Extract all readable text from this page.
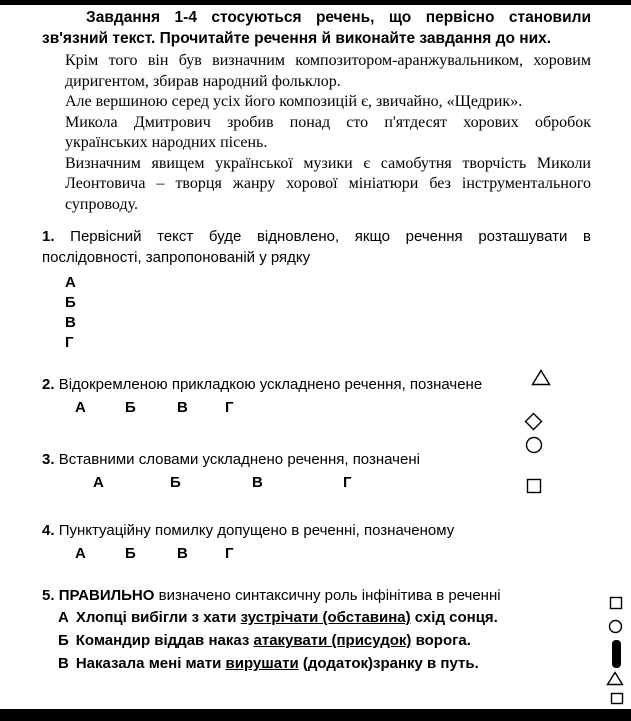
Завдання 1-4 стосуються речень, що первісно становили зв'язний текст. Прочитайте речення й виконайте завдання до них.

Крім того він був визначним композитором-аранжувальником, хоровим диригентом, збирав народний фольклор.

Але вершиною серед усіх його композицій є, звичайно, «Щедрик».

Микола Дмитрович зробив понад сто п'ятдесят хорових обробок українських народних пісень.

Визначним явищем української музики є самобутня творчість Миколи Леонтовича – творця жанру хорової мініатюри без інструментального супроводу.

1. Первісний текст буде відновлено, якщо речення розташувати в послідовності, запропонованій у рядку

А
Б
В
Г

2. Відокремленою прикладкою ускладнено речення, позначене

А	Б	В Г

3. Вставними словами ускладнено речення, позначені

А	Б	В	Г

4. Пунктуаційну помилку допущено в реченні, позначеному

А	Б	В Г

5. ПРАВИЛЬНО визначено синтаксичну роль інфінітива в реченні

А Хлопці вибігли з хати зустрічати (обставина) схід сонця.
Б Командир віддав наказ атакувати (присудок) ворога.
В Наказала мені мати вирушати (додаток)зранку в путь.
